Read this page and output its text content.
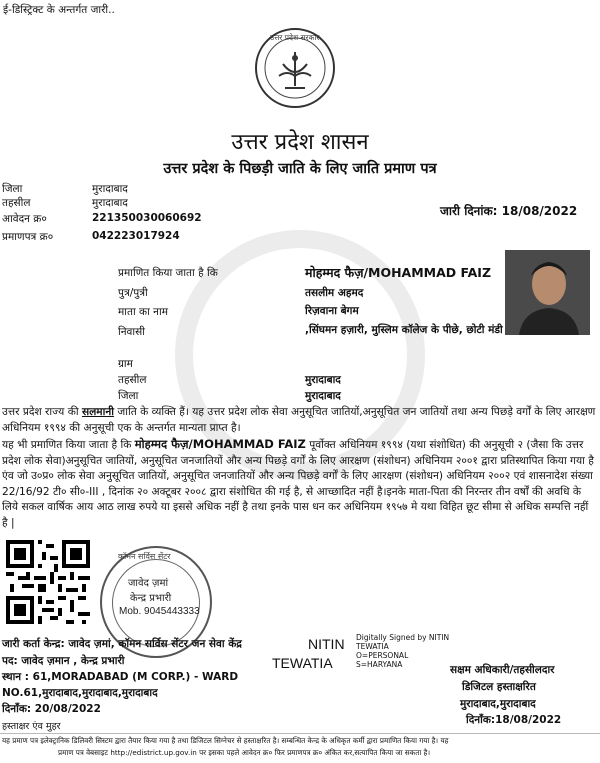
ई-डिस्ट्रिक्ट के अन्तर्गत जारी..
उत्तर प्रदेश सरकार
उत्तर प्रदेश शासन
उत्तर प्रदेश के पिछड़ी जाति के लिए जाति प्रमाण पत्र
जिला	मुरादाबाद
तहसील	मुरादाबाद
आवेदन क्र०	221350030060692
प्रमाणपत्र क्र०	042223017924
जारी दिनांक: 18/08/2022
प्रमाणित किया जाता है कि	मोहम्मद फैज़/MOHAMMAD FAIZ
पुत्र/पुत्री	तसलीम अहमद
माता का नाम	रिज़वाना बेगम
निवासी	,सिंघमन हज़ारी, मुस्लिम कॉलेज के पीछे, छोटी मंडी
ग्राम
तहसील	मुरादाबाद
जिला	मुरादाबाद
उत्तर प्रदेश राज्य की सलमानी जाति के व्यक्ति हैं। यह उत्तर प्रदेश लोक सेवा अनुसूचित जातियों,अनुसूचित जन जातियों तथा अन्य पिछड़े वर्गों के लिए आरक्षण अधिनियम १९९४ की अनुसूची एक के अन्तर्गत मान्यता प्राप्त है।
यह भी प्रमाणित किया जाता है कि मोहम्मद फैज़/MOHAMMAD FAIZ पूर्वोक्त अधिनियम १९९४ (यथा संशोधित) की अनुसूची २ (जैसा कि उत्तर प्रदेश लोक सेवा)अनुसूचित जातियों, अनुसूचित जनजातियों और अन्य पिछड़े वर्गों के लिए आरक्षण (संशोधन) अधिनियम २००१ द्वारा प्रतिस्थापित किया गया है एंव जो उ०प्र० लोक सेवा अनुसूचित जातियों, अनुसूचित जनजातियों और अन्य पिछड़े वर्गों के लिए आरक्षण (संशोधन) अधिनियम २००२ एवं शासनादेश संख्या 22/16/92 टी० सी०-III , दिनांक २० अक्टूबर २००८ द्वारा संशोधित की गई है, से आच्छादित नहीं है।इनके माता-पिता की निरन्तर तीन वर्षों की अवधि के लिये सकल वार्षिक आय आठ लाख रुपये या इससे अधिक नहीं है तथा इनके पास धन कर अधिनियम १९५७ मे यथा विहित छूट सीमा से अधिक सम्पत्ति नहीं है |
कॉमन सर्विस सेंटर
जावेद ज़मां
केन्द्र प्रभारी
Mob. 9045443333
जारी कर्ता केन्द्र: जावेद ज़मां, कॉमन सर्विस सेंटर जन सेवा केंद्र
पद: जावेद ज़मान , केन्द्र प्रभारी
स्थान : 61,MORADABAD (M CORP.) - WARD
NO.61,मुरादाबाद,मुरादाबाद,मुरादाबाद
दिनाँक: 20/08/2022
हस्ताक्षर एंव मुहर
NITIN
TEWATIA
Digitally Signed by NITIN
TEWATIA
O=PERSONAL
S=HARYANA	सक्षम अधिकारी/तहसीलदार
डिजिटल हस्ताक्षरित
मुरादाबाद,मुरादाबाद
दिनाँक:18/08/2022
यह प्रमाण पत्र इलेक्ट्रानिक डिलिवरी सिस्टम द्वारा तैयार किया गया है तथा डिजिटल सिग्नेचर से हस्ताक्षरित है। सम्बन्धित केन्द्र के अधिकृत कर्मी द्वारा प्रमाणित किया गया है। यह
प्रमाण पत्र वेबसाइट http://edistrict.up.gov.in पर इसका पहले आवेदन क्र० फिर प्रमाणपत्र क्र० अंकित कर,सत्यापित किया जा सकता है।
